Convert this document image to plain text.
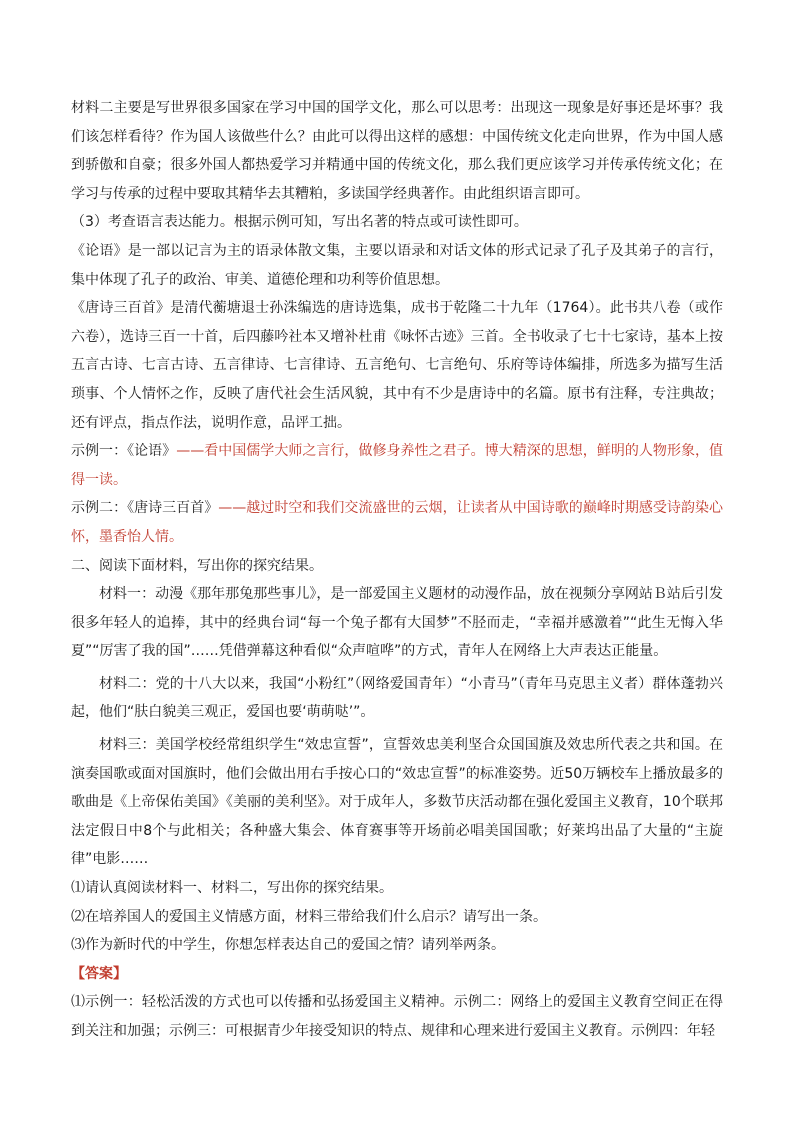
材料二主要是写世界很多国家在学习中国的国学文化，那么可以思考：出现这一现象是好事还是坏事？我们该怎样看待？作为国人该做些什么？由此可以得出这样的感想：中国传统文化走向世界，作为中国人感到骄傲和自豪；很多外国人都热爱学习并精通中国的传统文化，那么我们更应该学习并传承传统文化；在学习与传承的过程中要取其精华去其糟粕，多读国学经典著作。由此组织语言即可。

（3）考查语言表达能力。根据示例可知，写出名著的特点或可读性即可。

《论语》是一部以记言为主的语录体散文集，主要以语录和对话文体的形式记录了孔子及其弟子的言行，集中体现了孔子的政治、审美、道德伦理和功利等价值思想。

《唐诗三百首》是清代蘅塘退士孙洙编选的唐诗选集，成书于乾隆二十九年（1764）。此书共八卷（或作六卷），选诗三百一十首，后四藤吟社本又增补杜甫《咏怀古迹》三首。全书收录了七十七家诗，基本上按五言古诗、七言古诗、五言律诗、七言律诗、五言绝句、七言绝句、乐府等诗体编排，所选多为描写生活琐事、个人情怀之作，反映了唐代社会生活风貌，其中有不少是唐诗中的名篇。原书有注释，专注典故；还有评点，指点作法，说明作意，品评工拙。

示例一：《论语》——看中国儒学大师之言行，做修身养性之君子。博大精深的思想，鲜明的人物形象，值得一读。

示例二：《唐诗三百首》——越过时空和我们交流盛世的云烟，让读者从中国诗歌的巅峰时期感受诗韵染心怀，墨香怡人情。

二、阅读下面材料，写出你的探究结果。

材料一：动漫《那年那兔那些事儿》，是一部爱国主义题材的动漫作品，放在视频分享网站Ｂ站后引发很多年轻人的追捧，其中的经典台词“每一个兔子都有大国梦”不胫而走，“幸福并感激着”“此生无悔入华夏”“厉害了我的国”……凭借弹幕这种看似“众声喧哗”的方式，青年人在网络上大声表达正能量。

材料二：党的十八大以来，我国“小粉红”（网络爱国青年）“小青马”（青年马克思主义者）群体蓬勃兴起，他们“肤白貌美三观正，爱国也要‘萌萌哒’”。

材料三：美国学校经常组织学生“效忠宣誓”，宣誓效忠美利坚合众国国旗及效忠所代表之共和国。在演奏国歌或面对国旗时，他们会做出用右手按心口的“效忠宣誓”的标准姿势。近50万辆校车上播放最多的歌曲是《上帝保佑美国》《美丽的美利坚》。对于成年人，多数节庆活动都在强化爱国主义教育，10个联邦法定假日中8个与此相关；各种盛大集会、体育赛事等开场前必唱美国国歌；好莱坞出品了大量的“主旋律”电影……

⑴请认真阅读材料一、材料二，写出你的探究结果。

⑵在培养国人的爱国主义情感方面，材料三带给我们什么启示？请写出一条。

⑶作为新时代的中学生，你想怎样表达自己的爱国之情？请列举两条。

【答案】

⑴示例一：轻松活泼的方式也可以传播和弘扬爱国主义精神。示例二：网络上的爱国主义教育空间正在得到关注和加强；示例三：可根据青少年接受知识的特点、规律和心理来进行爱国主义教育。示例四：年轻
